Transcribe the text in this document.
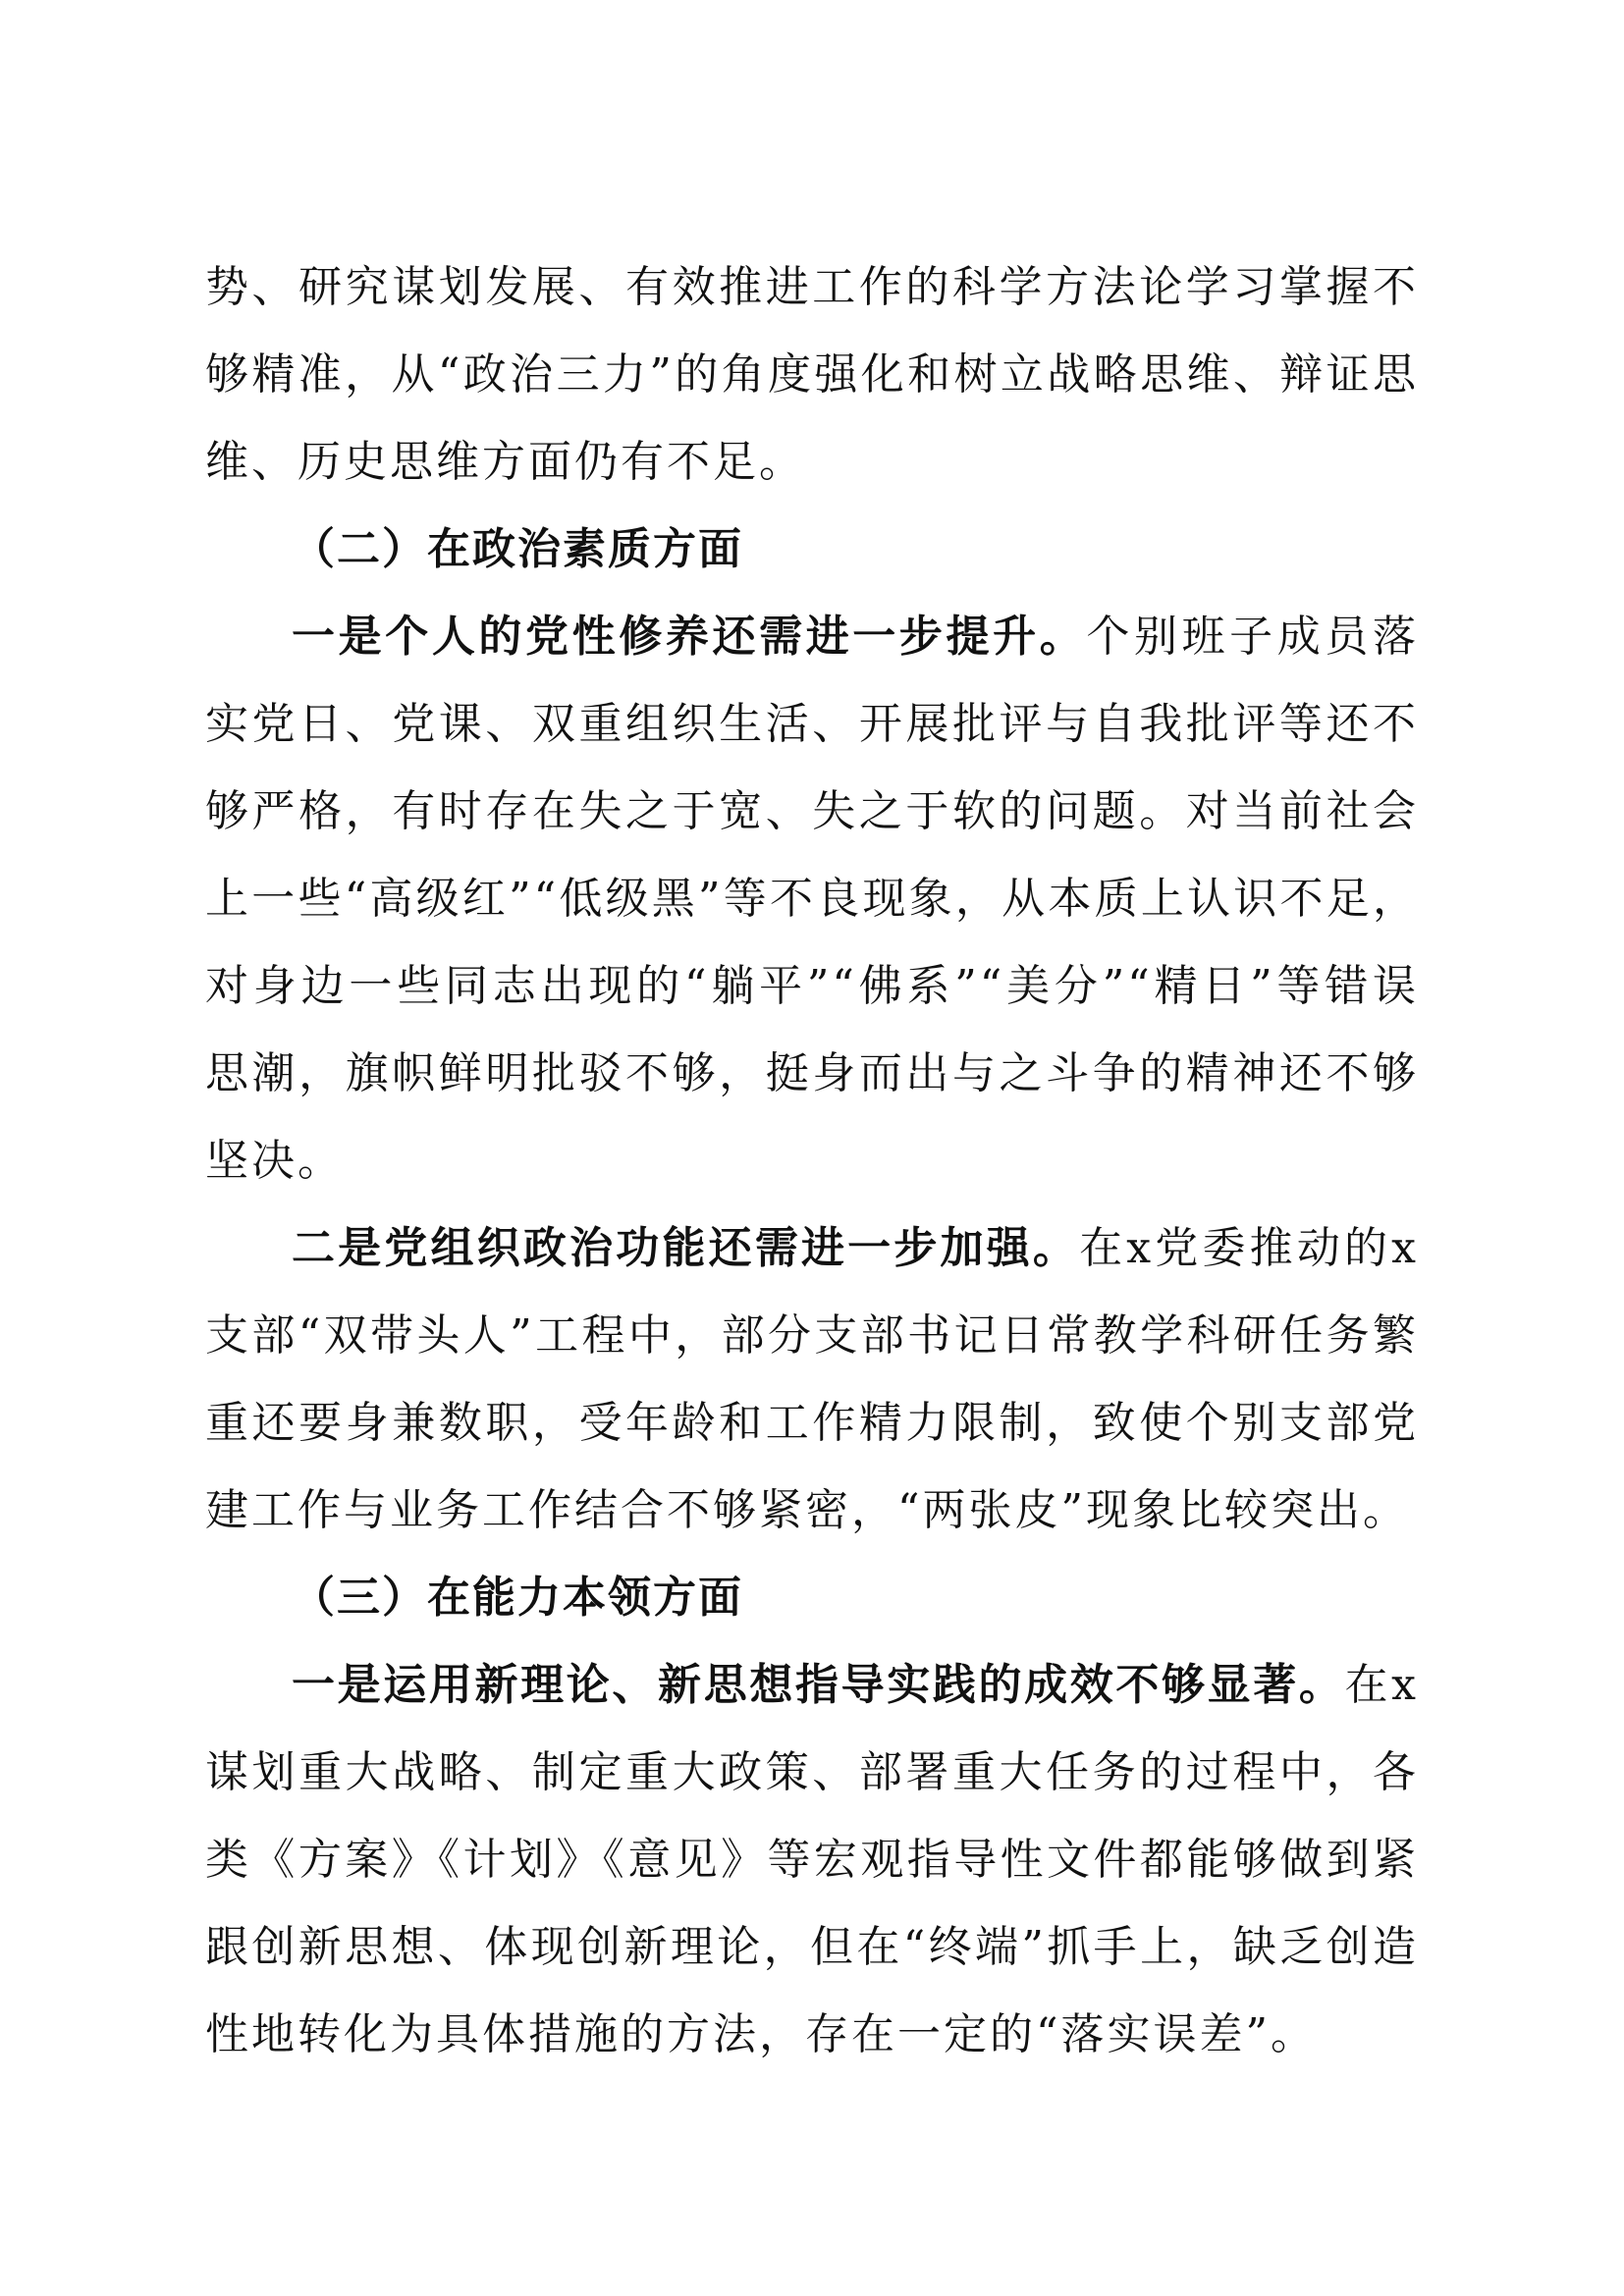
势、研究谋划发展、有效推进工作的科学方法论学习掌握不够精准，从“政治三力”的角度强化和树立战略思维、辩证思维、历史思维方面仍有不足。

（二）在政治素质方面

一是个人的党性修养还需进一步提升。个别班子成员落实党日、党课、双重组织生活、开展批评与自我批评等还不够严格，有时存在失之于宽、失之于软的问题。对当前社会上一些“高级红”“低级黑”等不良现象，从本质上认识不足，对身边一些同志出现的“躺平”“佛系”“美分”“精日”等错误思潮，旗帜鲜明批驳不够，挺身而出与之斗争的精神还不够坚决。

二是党组织政治功能还需进一步加强。在x党委推动的x支部“双带头人”工程中，部分支部书记日常教学科研任务繁重还要身兼数职，受年龄和工作精力限制，致使个别支部党建工作与业务工作结合不够紧密，“两张皮”现象比较突出。

（三）在能力本领方面

一是运用新理论、新思想指导实践的成效不够显著。在x谋划重大战略、制定重大政策、部署重大任务的过程中，各类《方案》《计划》《意见》等宏观指导性文件都能够做到紧跟创新思想、体现创新理论，但在“终端”抓手上，缺乏创造性地转化为具体措施的方法，存在一定的“落实误差”。
